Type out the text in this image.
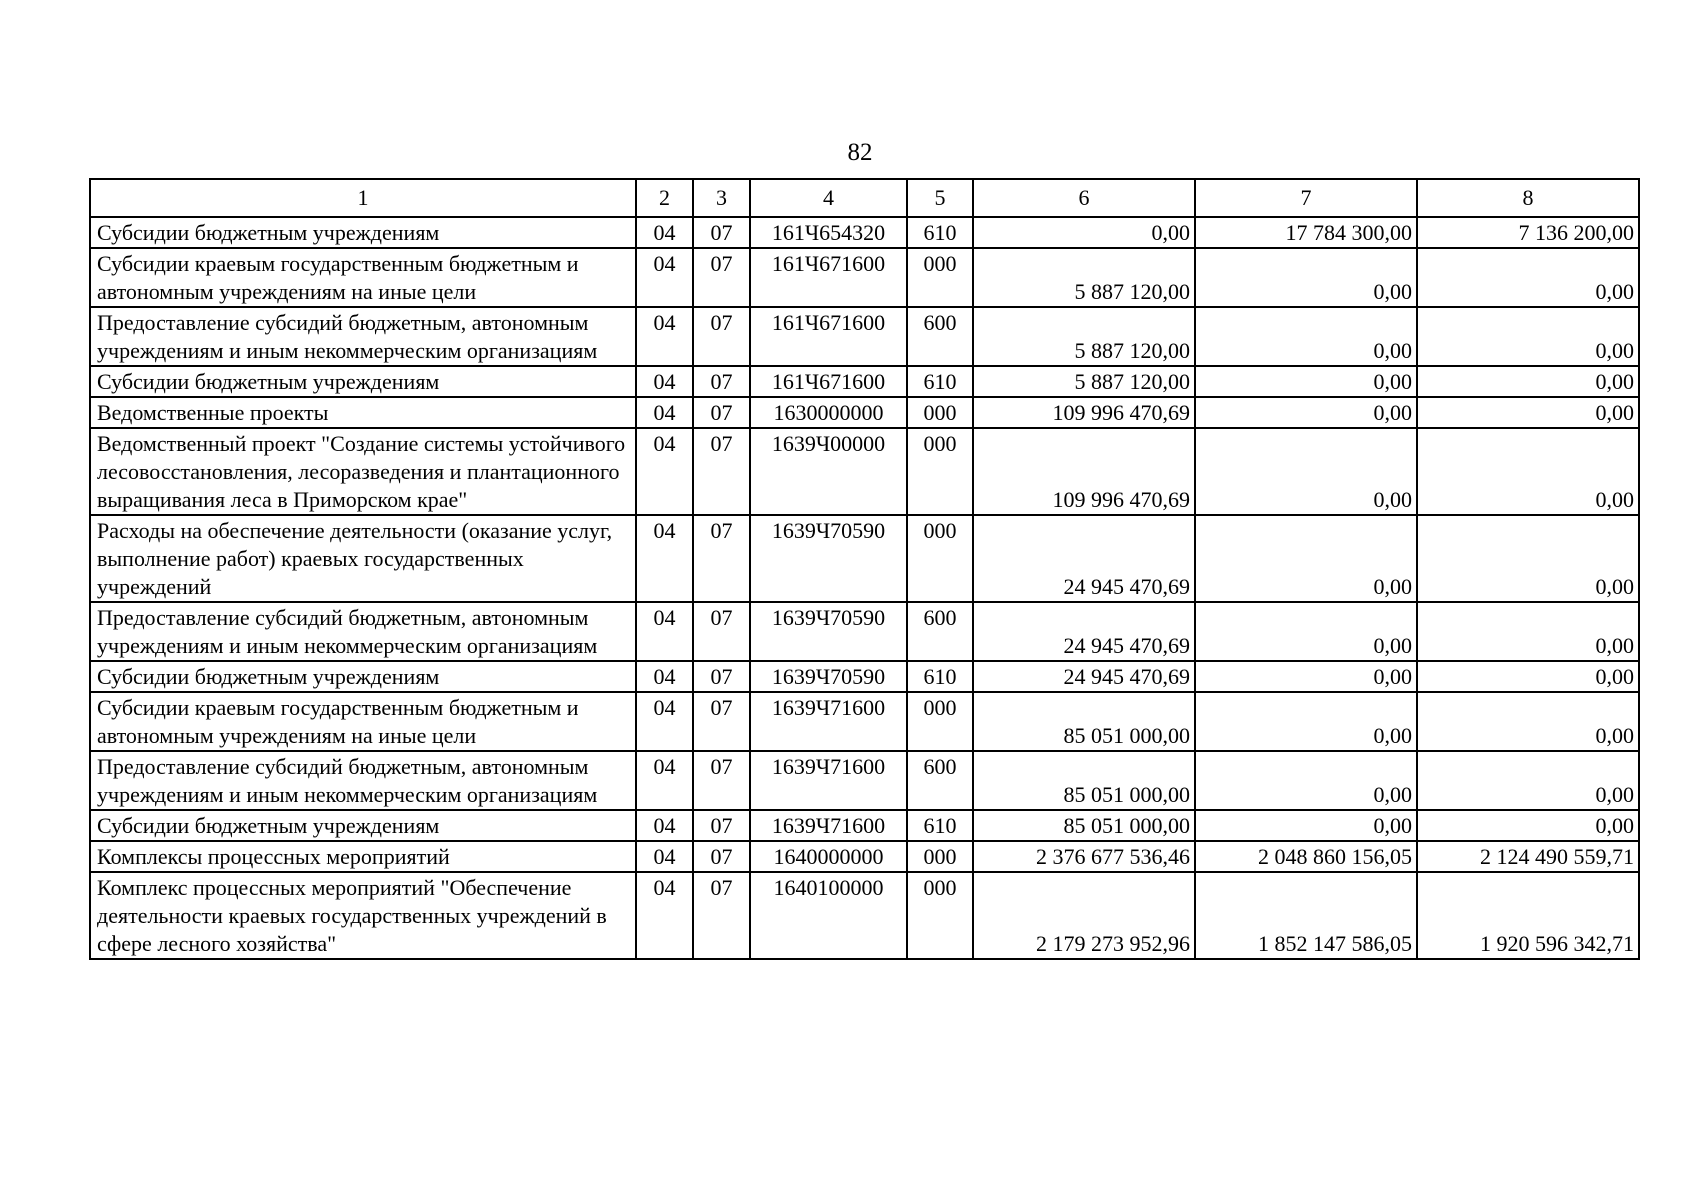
82
1	2	3	4	5	6	7	8
Субсидии бюджетным учреждениям	04	07	161Ч654320	610	0,00	17 784 300,00	7 136 200,00
Субсидии краевым государственным бюджетным и автономным учреждениям на иные цели	04	07	161Ч671600	000	5 887 120,00	0,00	0,00
Предоставление субсидий бюджетным, автономным учреждениям и иным некоммерческим организациям	04	07	161Ч671600	600	5 887 120,00	0,00	0,00
Субсидии бюджетным учреждениям	04	07	161Ч671600	610	5 887 120,00	0,00	0,00
Ведомственные проекты	04	07	1630000000	000	109 996 470,69	0,00	0,00
Ведомственный проект "Создание системы устойчивого лесовосстановления, лесоразведения и плантационного выращивания леса в Приморском крае"	04	07	1639Ч00000	000	109 996 470,69	0,00	0,00
Расходы на обеспечение деятельности (оказание услуг, выполнение работ) краевых государственных учреждений	04	07	1639Ч70590	000	24 945 470,69	0,00	0,00
Предоставление субсидий бюджетным, автономным учреждениям и иным некоммерческим организациям	04	07	1639Ч70590	600	24 945 470,69	0,00	0,00
Субсидии бюджетным учреждениям	04	07	1639Ч70590	610	24 945 470,69	0,00	0,00
Субсидии краевым государственным бюджетным и автономным учреждениям на иные цели	04	07	1639Ч71600	000	85 051 000,00	0,00	0,00
Предоставление субсидий бюджетным, автономным учреждениям и иным некоммерческим организациям	04	07	1639Ч71600	600	85 051 000,00	0,00	0,00
Субсидии бюджетным учреждениям	04	07	1639Ч71600	610	85 051 000,00	0,00	0,00
Комплексы процессных мероприятий	04	07	1640000000	000	2 376 677 536,46	2 048 860 156,05	2 124 490 559,71
Комплекс процессных мероприятий "Обеспечение деятельности краевых государственных учреждений в сфере лесного хозяйства"	04	07	1640100000	000	2 179 273 952,96	1 852 147 586,05	1 920 596 342,71
